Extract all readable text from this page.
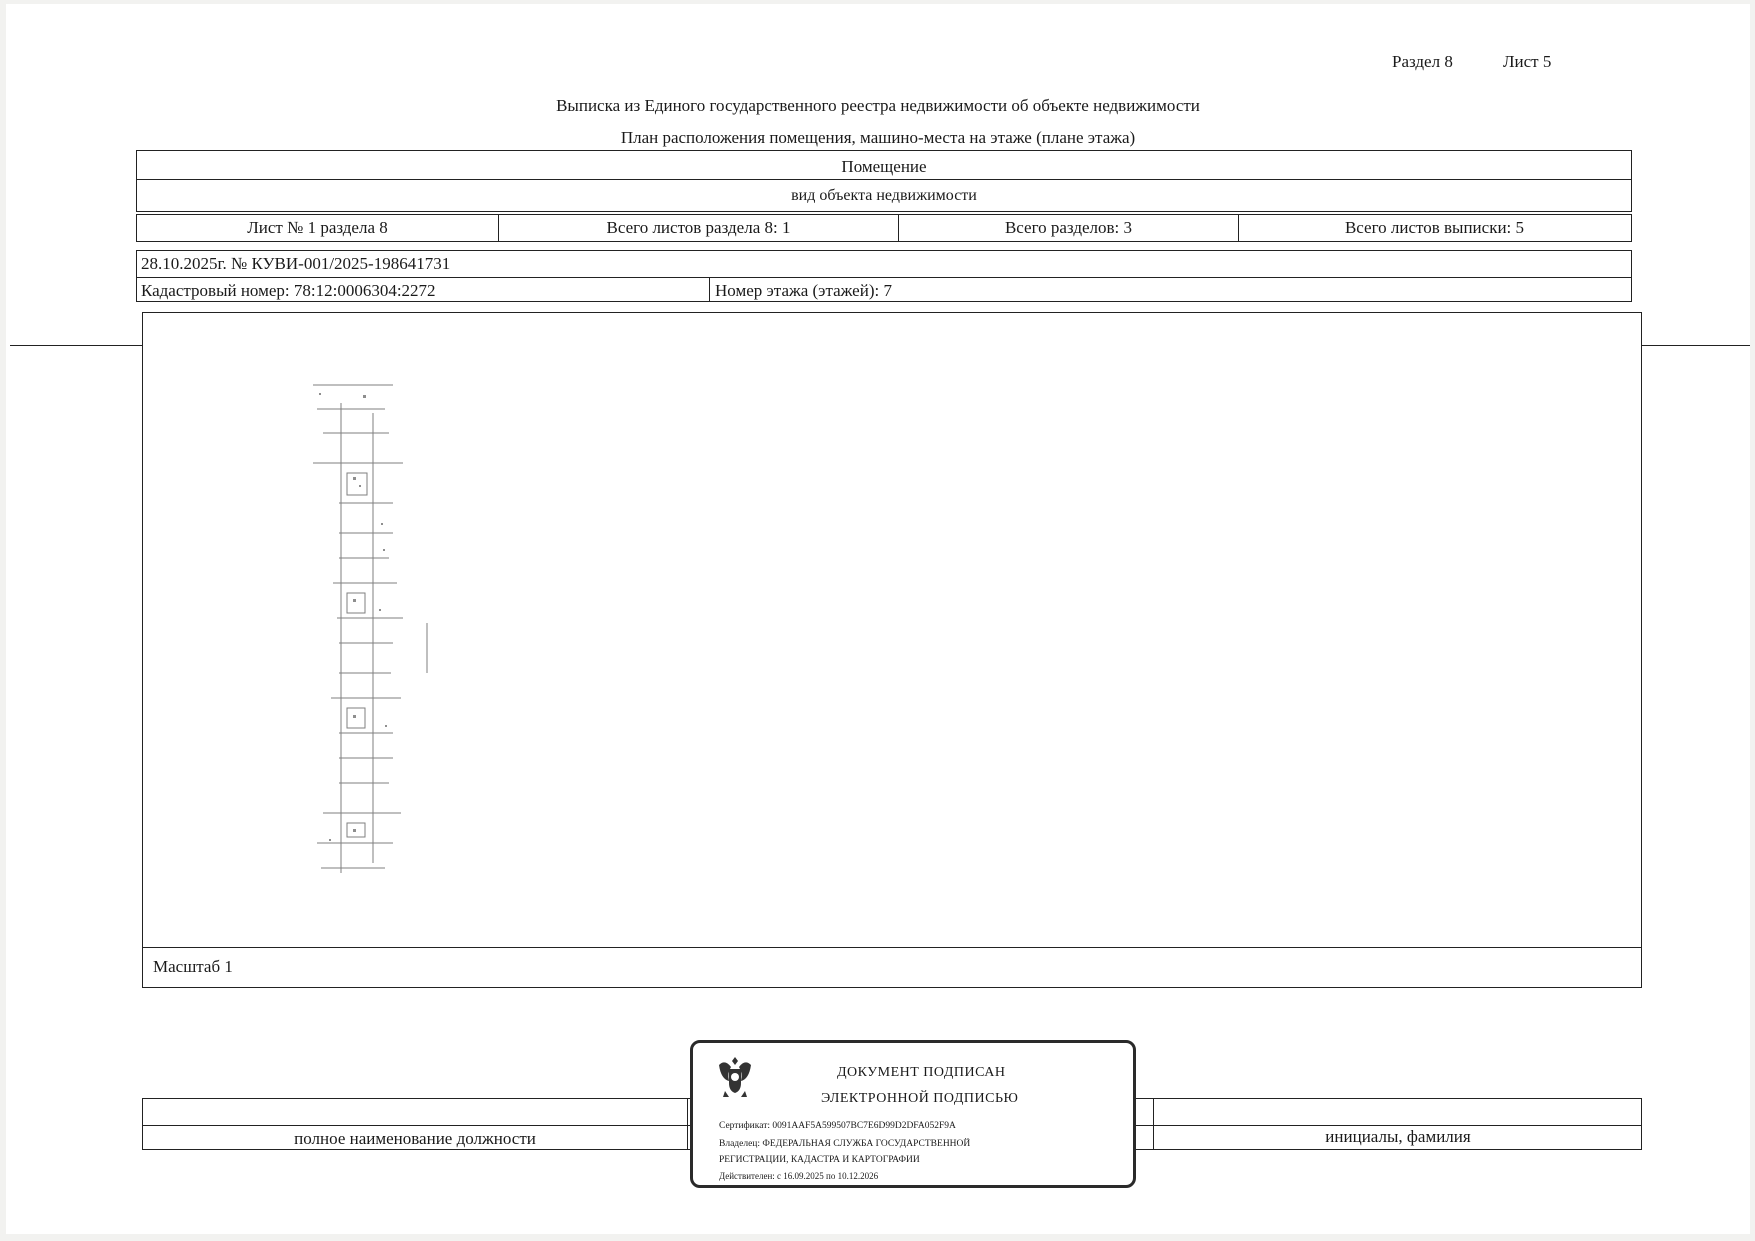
Раздел 8	Лист 5
Выписка из Единого государственного реестра недвижимости об объекте недвижимости
План расположения помещения, машино-места на этаже (плане этажа)
Помещение
вид объекта недвижимости
Лист № 1 раздела 8	Всего листов раздела 8: 1	Всего разделов: 3	Всего листов выписки: 5
28.10.2025г. № КУВИ-001/2025-198641731
Кадастровый номер: 78:12:0006304:2272	Номер этажа (этажей): 7
Масштаб 1
полное наименование должности	инициалы, фамилия
ДОКУМЕНТ ПОДПИСАН
ЭЛЕКТРОННОЙ ПОДПИСЬЮ
Сертификат: 0091AAF5A599507BC7E6D99D2DFA052F9A
Владелец: ФЕДЕРАЛЬНАЯ СЛУЖБА ГОСУДАРСТВЕННОЙ
РЕГИСТРАЦИИ, КАДАСТРА И КАРТОГРАФИИ
Действителен: с 16.09.2025 по 10.12.2026
